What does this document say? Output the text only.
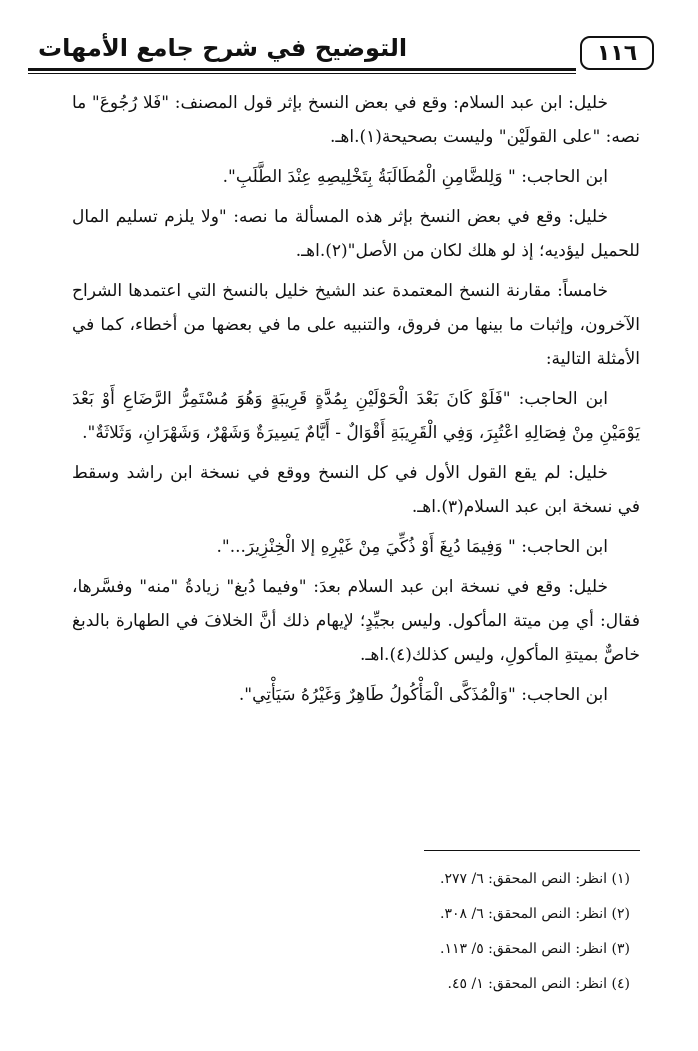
١١٦
التوضيح في شرح جامع الأمهات

خليل: ابن عبد السلام: وقع في بعض النسخ بإثر قول المصنف: "فَلا رُجُوعَ" ما نصه: "على القولَيْن" وليست بصحيحة(١).اهـ.

ابن الحاجب: " وَلِلضَّامِنِ الْمُطَالَبَةُ بِتَخْلِيصِهِ عِنْدَ الطَّلَبِ".

خليل: وقع في بعض النسخ بإثر هذه المسألة ما نصه: "ولا يلزم تسليم المال للحميل ليؤديه؛ إذ لو هلك لكان من الأصل"(٢).اهـ.

خامساً: مقارنة النسخ المعتمدة عند الشيخ خليل بالنسخ التي اعتمدها الشراح الآخرون، وإثبات ما بينها من فروق، والتنبيه على ما في بعضها من أخطاء، كما في الأمثلة التالية:

ابن الحاجب: "فَلَوْ كَانَ بَعْدَ الْحَوْلَيْنِ بِمُدَّةٍ قَرِيبَةٍ وَهُوَ مُسْتَمِرُّ الرَّضَاعِ أَوْ بَعْدَ يَوْمَيْنِ مِنْ فِصَالِهِ اعْتُبِرَ، وَفِي الْقَرِيبَةِ أَقْوَالٌ - أَيَّامٌ يَسِيرَةٌ وَشَهْرٌ، وَشَهْرَانِ، وَثَلاثَةٌ".

خليل: لم يقع القول الأول في كل النسخ ووقع في نسخة ابن راشد وسقط في نسخة ابن عبد السلام(٣).اهـ.

ابن الحاجب: " وَفِيمَا دُبِغَ أَوْ ذُكِّيَ مِنْ غَيْرِهِ إلا الْخِنْزِيرَ...".

خليل: وقع في نسخة ابن عبد السلام بعدَ: "وفيما دُبغ" زيادةُ "منه" وفسَّرها، فقال: أي مِن ميتة المأكول. وليس بجيِّدٍ؛ لإيهام ذلك أنَّ الخلافَ في الطهارة بالدبغ خاصٌّ بميتةِ المأكولِ، وليس كذلك(٤).اهـ.

ابن الحاجب: "وَالْمُذَكَّى الْمَأْكُولُ طَاهِرٌ وَغَيْرُهُ سَيَأْتِي".

(١) انظر: النص المحقق: ٦/ ٢٧٧.

(٢) انظر: النص المحقق: ٦/ ٣٠٨.

(٣) انظر: النص المحقق: ٥/ ١١٣.

(٤) انظر: النص المحقق: ١/ ٤٥.
